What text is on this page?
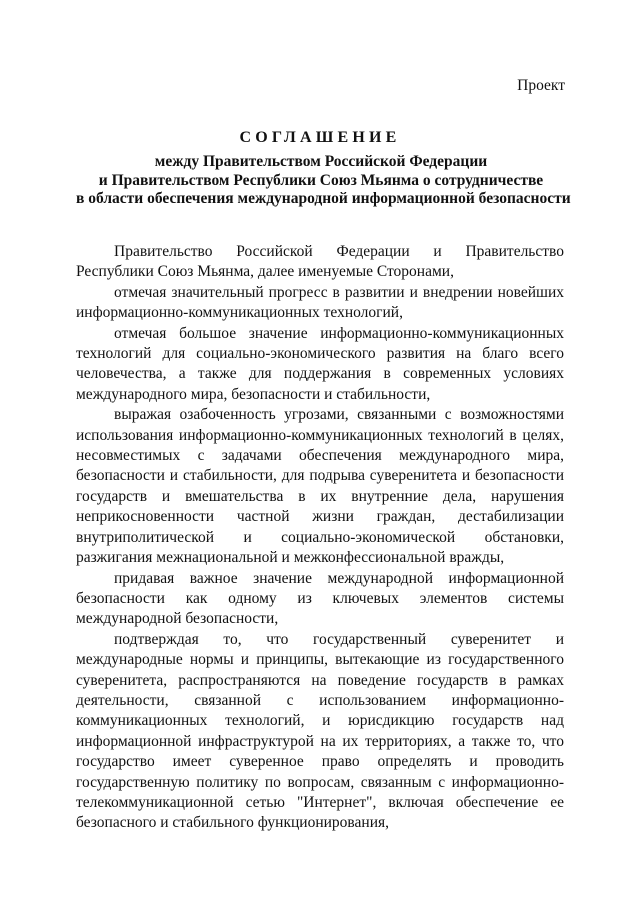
Проект
СОГЛАШЕНИЕ
между Правительством Российской Федерации
и Правительством Республики Союз Мьянма о сотрудничестве
в области обеспечения международной информационной безопасности

Правительство Российской Федерации и Правительство Республики Союз Мьянма, далее именуемые Сторонами,

отмечая значительный прогресс в развитии и внедрении новейших информационно-коммуникационных технологий,

отмечая большое значение информационно-коммуникационных технологий для социально-экономического развития на благо всего человечества, а также для поддержания в современных условиях международного мира, безопасности и стабильности,

выражая озабоченность угрозами, связанными с возможностями использования информационно-коммуникационных технологий в целях, несовместимых с задачами обеспечения международного мира, безопасности и стабильности, для подрыва суверенитета и безопасности государств и вмешательства в их внутренние дела, нарушения неприкосновенности частной жизни граждан, дестабилизации внутриполитической и социально-экономической обстановки, разжигания межнациональной и межконфессиональной вражды,

придавая важное значение международной информационной безопасности как одному из ключевых элементов системы международной безопасности,

подтверждая то, что государственный суверенитет и международные нормы и принципы, вытекающие из государственного суверенитета, распространяются на поведение государств в рамках деятельности, связанной с использованием информационно-коммуникационных технологий, и юрисдикцию государств над информационной инфраструктурой на их территориях, а также то, что государство имеет суверенное право определять и проводить государственную политику по вопросам, связанным с информационно-телекоммуникационной сетью "Интернет", включая обеспечение ее безопасного и стабильного функционирования,
